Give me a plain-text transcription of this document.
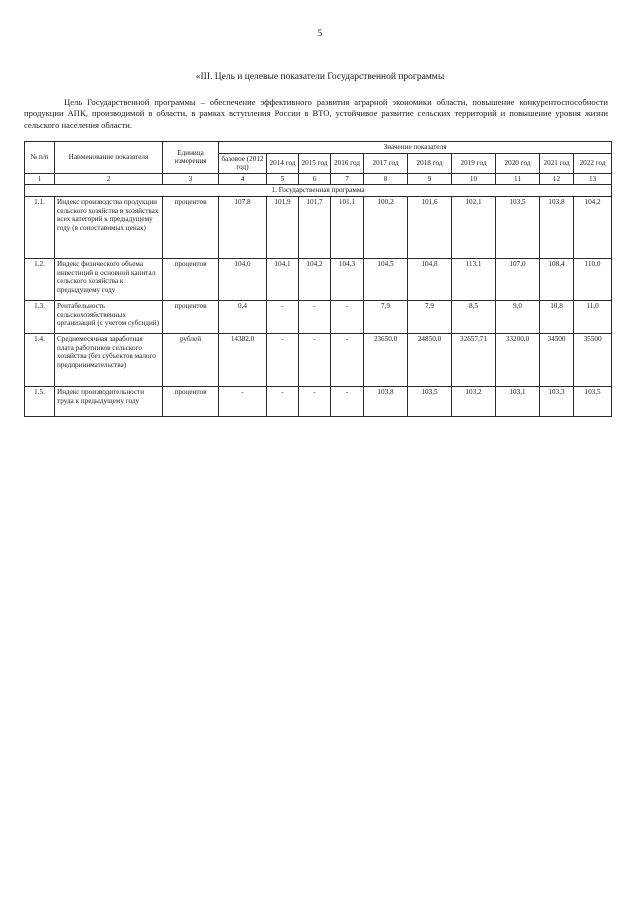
5
«III. Цель и целевые показатели Государственной программы
Цель Государственной программы – обеспечение эффективного развития аграрной экономики области, повышение конкурентоспособности продукции АПК, производимой в области, в рамках вступления России в ВТО, устойчивое развитие сельских территорий и повышение уровня жизни сельского населения области.
№ п/п	Наименование показателя	Единица измерения	Значение показателя									
			базовое (2012 год)	2014 год	2015 год	2016 год	2017 год	2018 год	2019 год	2020 год	2021 год	2022 год
1	2	3	4	5	6	7	8	9	10	11	12	13
1. Государственная программа												
1.1.	Индекс производства продукции сельского хозяйства в хозяйствах всех категорий к предыдущему году (в сопоставимых ценах)	процентов	107,8	101,9	101,7	101,1	100,2	101,6	102,1	103,5	103,8	104,2
1.2.	Индекс физического объема инвестиций в основной капитал сельского хозяйства к предыдущему году	процентов	104,0	104,1	104,2	104,3	104,5	104,8	113,1	107,0	108,4	110,0
1.3.	Рентабельность сельскохозяйственных организаций (с учетом субсидий)	процентов	0,4	-	-	-	7,9	7,9	8,5	9,0	10,8	11,0
1.4.	Среднемесячная заработная плата работников сельского хозяйства (без субъектов малого предпринимательства)	рублей	14382,0	-	-	-	23650,0	24850,0	32657,71	33200,0	34500	35500
1.5.	Индекс производительности труда к предыдущему году	процентов	-	-	-	-	103,8	103,5	103,2	103,1	103,3	103,5
